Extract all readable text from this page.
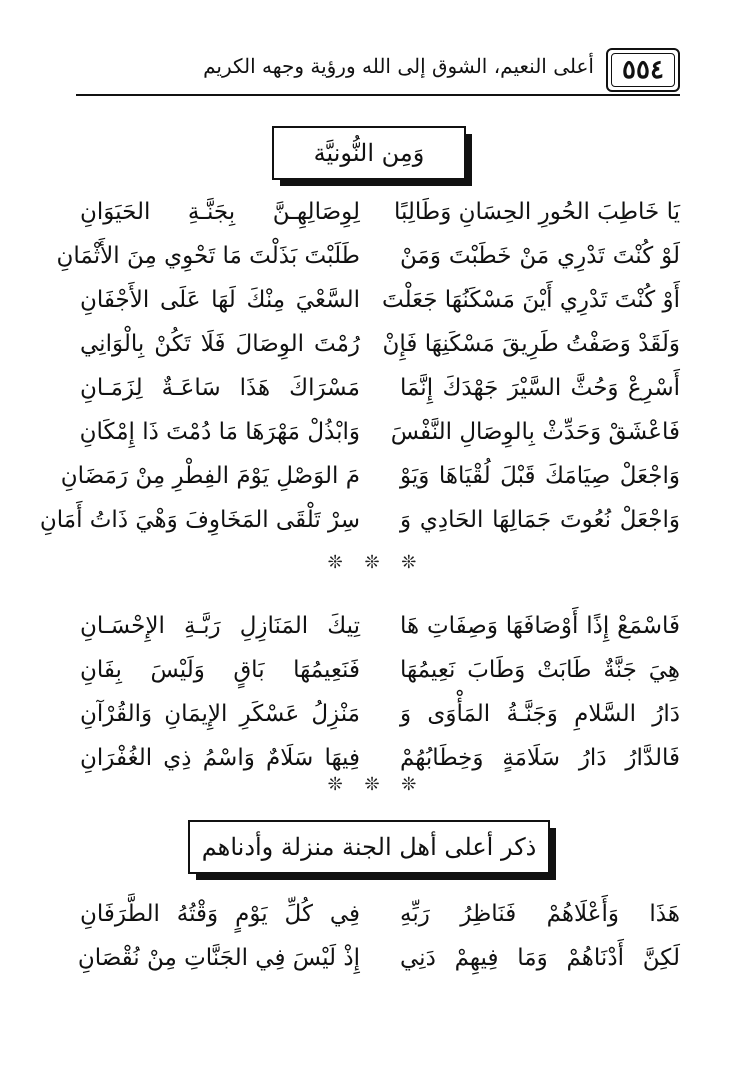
٥٥٤
أعلى النعيم، الشوق إلى الله ورؤية وجهه الكريم
وَمِن النُّونيَّة
يَا خَاطِبَ الحُورِ الحِسَانِ وَطَالِبًا
لِوِصَالِهِـنَّ بِجَنَّـةِ الحَيَوَانِ
لَوْ كُنْتَ تَدْرِي مَنْ خَطَبْتَ وَمَنْ
طَلَبْتَ بَذَلْتَ مَا تَحْوِي مِنَ الأَثْمَانِ
أَوْ كُنْتَ تَدْرِي أَيْنَ مَسْكَنُهَا جَعَلْتَ
السَّعْيَ مِنْكَ لَهَا عَلَى الأَجْفَانِ
وَلَقَدْ وَصَفْتُ طَرِيقَ مَسْكَنِهَا فَإِنْ
رُمْتَ الوِصَالَ فَلَا تَكُنْ بِالْوَانِي
أَسْرِعْ وَحُثَّ السَّيْرَ جَهْدَكَ إِنَّمَا
مَسْرَاكَ هَذَا سَاعَـةٌ لِزَمَـانِ
فَاعْشَقْ وَحَدِّثْ بِالوِصَالِ النَّفْسَ
وَابْذُلْ مَهْرَهَا مَا دُمْتَ ذَا إِمْكَانِ
وَاجْعَلْ صِيَامَكَ قَبْلَ لُقْيَاهَا وَيَوْ
مَ الوَصْلِ يَوْمَ الفِطْرِ مِنْ رَمَضَانِ
وَاجْعَلْ نُعُوتَ جَمَالِهَا الحَادِي وَ
سِرْ تَلْقَى المَخَاوِفَ وَهْيَ ذَاتُ أَمَانِ
❊ ❊ ❊
فَاسْمَعْ إِذًا أَوْصَافَهَا وَصِفَاتِ هَا
تِيكَ المَنَازِلِ رَبَّـةِ الإِحْسَـانِ
هِيَ جَنَّةٌ طَابَتْ وَطَابَ نَعِيمُهَا
فَنَعِيمُهَا بَاقٍ وَلَيْسَ بِفَانِ
دَارُ السَّلامِ وَجَنَّـةُ المَأْوَى وَ
مَنْزِلُ عَسْكَرِ الإِيمَانِ وَالقُرْآنِ
فَالدَّارُ دَارُ سَلَامَةٍ وَخِطَابُهُمْ
فِيهَا سَلَامٌ وَاسْمُ ذِي الغُفْرَانِ
❊ ❊ ❊
ذكر أعلى أهل الجنة منزلة وأدناهم
هَذَا وَأَعْلَاهُمْ فَنَاظِرُ رَبِّهِ
فِي كُلِّ يَوْمٍ وَقْتُهُ الطَّرَفَانِ
لَكِنَّ أَدْنَاهُمْ وَمَا فِيهِمْ دَنِي
إِذْ لَيْسَ فِي الجَنَّاتِ مِنْ نُقْصَانِ
